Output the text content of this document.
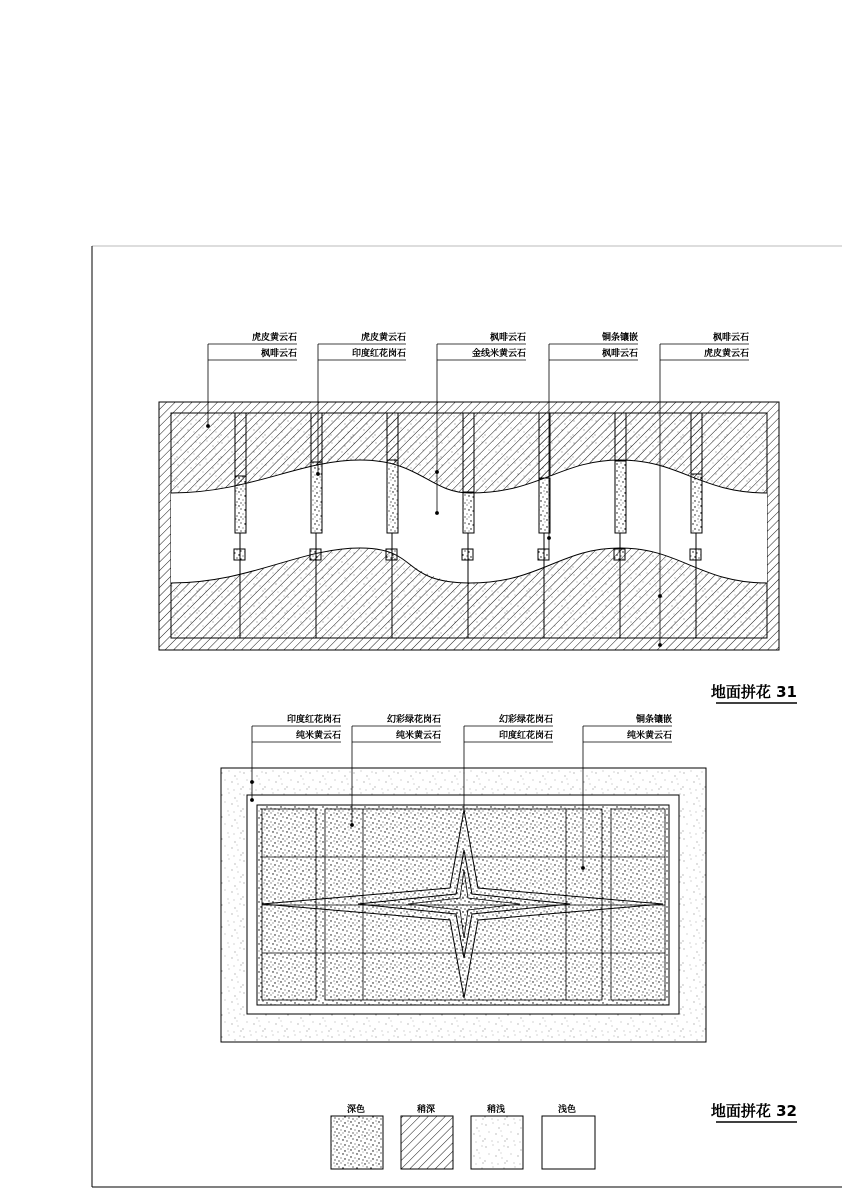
虎皮黄云石
枫啡云石
虎皮黄云石
印度红花岗石
枫啡云石
金线米黄云石
铜条镶嵌
枫啡云石
枫啡云石
虎皮黄云石
地面拼花 31
印度红花岗石
纯米黄云石
幻彩绿花岗石
纯米黄云石
幻彩绿花岗石
印度红花岗石
铜条镶嵌
纯米黄云石
地面拼花 32
深色	稍深	稍浅	浅色
